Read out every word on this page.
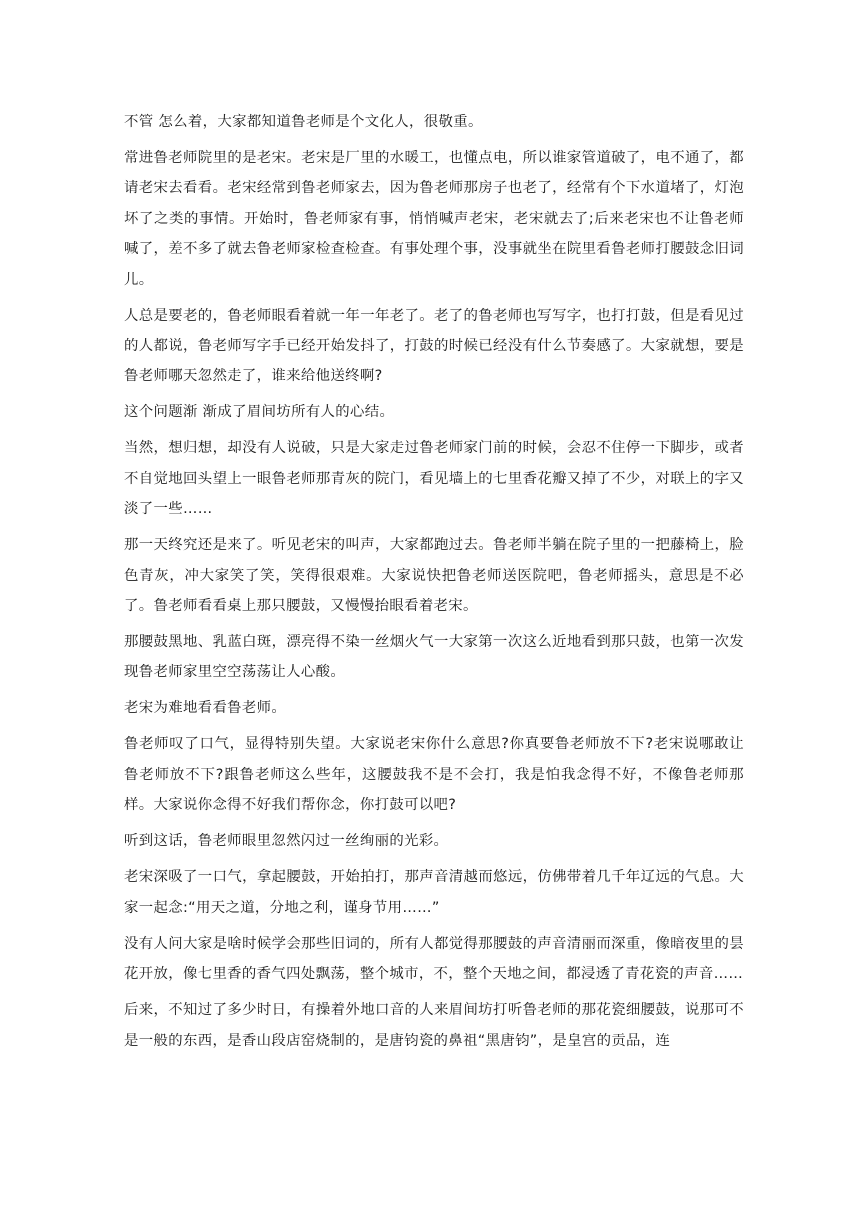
不管 怎么着，大家都知道鲁老师是个文化人，很敬重。

常进鲁老师院里的是老宋。老宋是厂里的水暖工，也懂点电，所以谁家管道破了，电不通了，都请老宋去看看。老宋经常到鲁老师家去，因为鲁老师那房子也老了，经常有个下水道堵了，灯泡坏了之类的事情。开始时，鲁老师家有事，悄悄喊声老宋，老宋就去了;后来老宋也不让鲁老师喊了，差不多了就去鲁老师家检查检查。有事处理个事，没事就坐在院里看鲁老师打腰鼓念旧词 儿。

人总是要老的，鲁老师眼看着就一年一年老了。老了的鲁老师也写写字，也打打鼓，但是看见过的人都说，鲁老师写字手已经开始发抖了，打鼓的时候已经没有什么节奏感了。大家就想，要是鲁老师哪天忽然走了，谁来给他送终啊?

这个问题渐 渐成了眉间坊所有人的心结。

当然，想归想，却没有人说破，只是大家走过鲁老师家门前的时候，会忍不住停一下脚步，或者不自觉地回头望上一眼鲁老师那青灰的院门，看见墙上的七里香花瓣又掉了不少，对联上的字又淡了一些……

那一天终究还是来了。听见老宋的叫声，大家都跑过去。鲁老师半躺在院子里的一把藤椅上，脸色青灰，冲大家笑了笑，笑得很艰难。大家说快把鲁老师送医院吧，鲁老师摇头，意思是不必了。鲁老师看看桌上那只腰鼓，又慢慢抬眼看着老宋。

那腰鼓黑地、乳蓝白斑，漂亮得不染一丝烟火气一大家第一次这么近地看到那只鼓，也第一次发现鲁老师家里空空荡荡让人心酸。

老宋为难地看看鲁老师。

鲁老师叹了口气，显得特别失望。大家说老宋你什么意思?你真要鲁老师放不下?老宋说哪敢让鲁老师放不下?跟鲁老师这么些年，这腰鼓我不是不会打，我是怕我念得不好，不像鲁老师那样。大家说你念得不好我们帮你念，你打鼓可以吧?

听到这话，鲁老师眼里忽然闪过一丝绚丽的光彩。

老宋深吸了一口气，拿起腰鼓，开始拍打，那声音清越而悠远，仿佛带着几千年辽远的气息。大家一起念:“用天之道，分地之利，谨身节用……”

没有人问大家是啥时候学会那些旧词的，所有人都觉得那腰鼓的声音清丽而深重，像暗夜里的昙花开放，像七里香的香气四处飘荡，整个城市，不，整个天地之间，都浸透了青花瓷的声音……

后来，不知过了多少时日，有操着外地口音的人来眉间坊打听鲁老师的那花瓷细腰鼓，说那可不是一般的东西，是香山段店窑烧制的，是唐钧瓷的鼻祖“黑唐钧”，是皇宫的贡品，连
